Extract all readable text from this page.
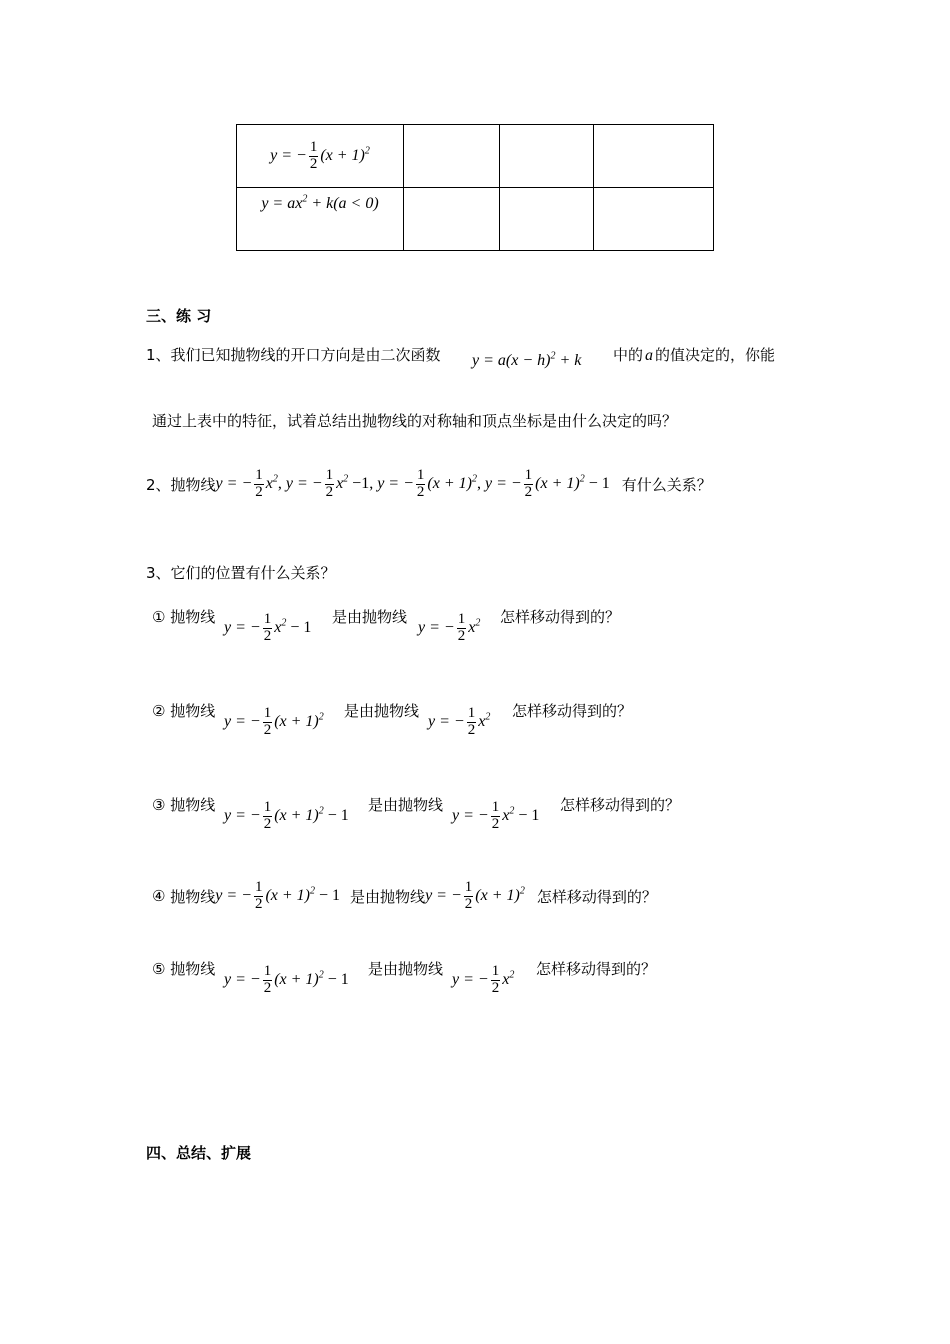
y = − $\frac{1}{2} (x + 1)^2$			
$y = ax^2 + k(a < 0)$			
三、练 习
1、我们已知抛物线的开口方向是由二次函数 $y = a(x - h)^2 + k$ 中的 a 的值决定的，你能
通过上表中的特征，试着总结出抛物线的对称轴和顶点坐标是由什么决定的吗？
2、抛物线 y = − $\frac{1}{2} x^2$, y = − $\frac{1}{2} x^2 -1$, y = − $\frac{1}{2} (x + 1)^2$, y = − $\frac{1}{2} (x + 1)^2 - 1$ 有什么关系？
3、它们的位置有什么关系？
① 抛物线
y = − $\frac{1}{2} x^2 - 1$
是由抛物线
y = − $\frac{1}{2} x^2$ 怎样移动得到的？
② 抛物线
y = − $\frac{1}{2} (x + 1)^2$ 是由抛物线
y = − $\frac{1}{2} x^2$ 怎样移动得到的？
③ 抛物线
y = − $\frac{1}{2} (x + 1)^2 - 1$
是由抛物线
y = − $\frac{1}{2} x^2 - 1$
怎样移动得到的？
④
抛物线 y = − $\frac{1}{2} (x + 1)^2 - 1$ 是由抛物线 y = − $\frac{1}{2} (x + 1)^2$ 怎样移动得到的？
⑤ 抛物线
y = − $\frac{1}{2} (x + 1)^2 - 1$
是由抛物线
y = − $\frac{1}{2} x^2$ 怎样移动得到的？
四、总结、扩展
